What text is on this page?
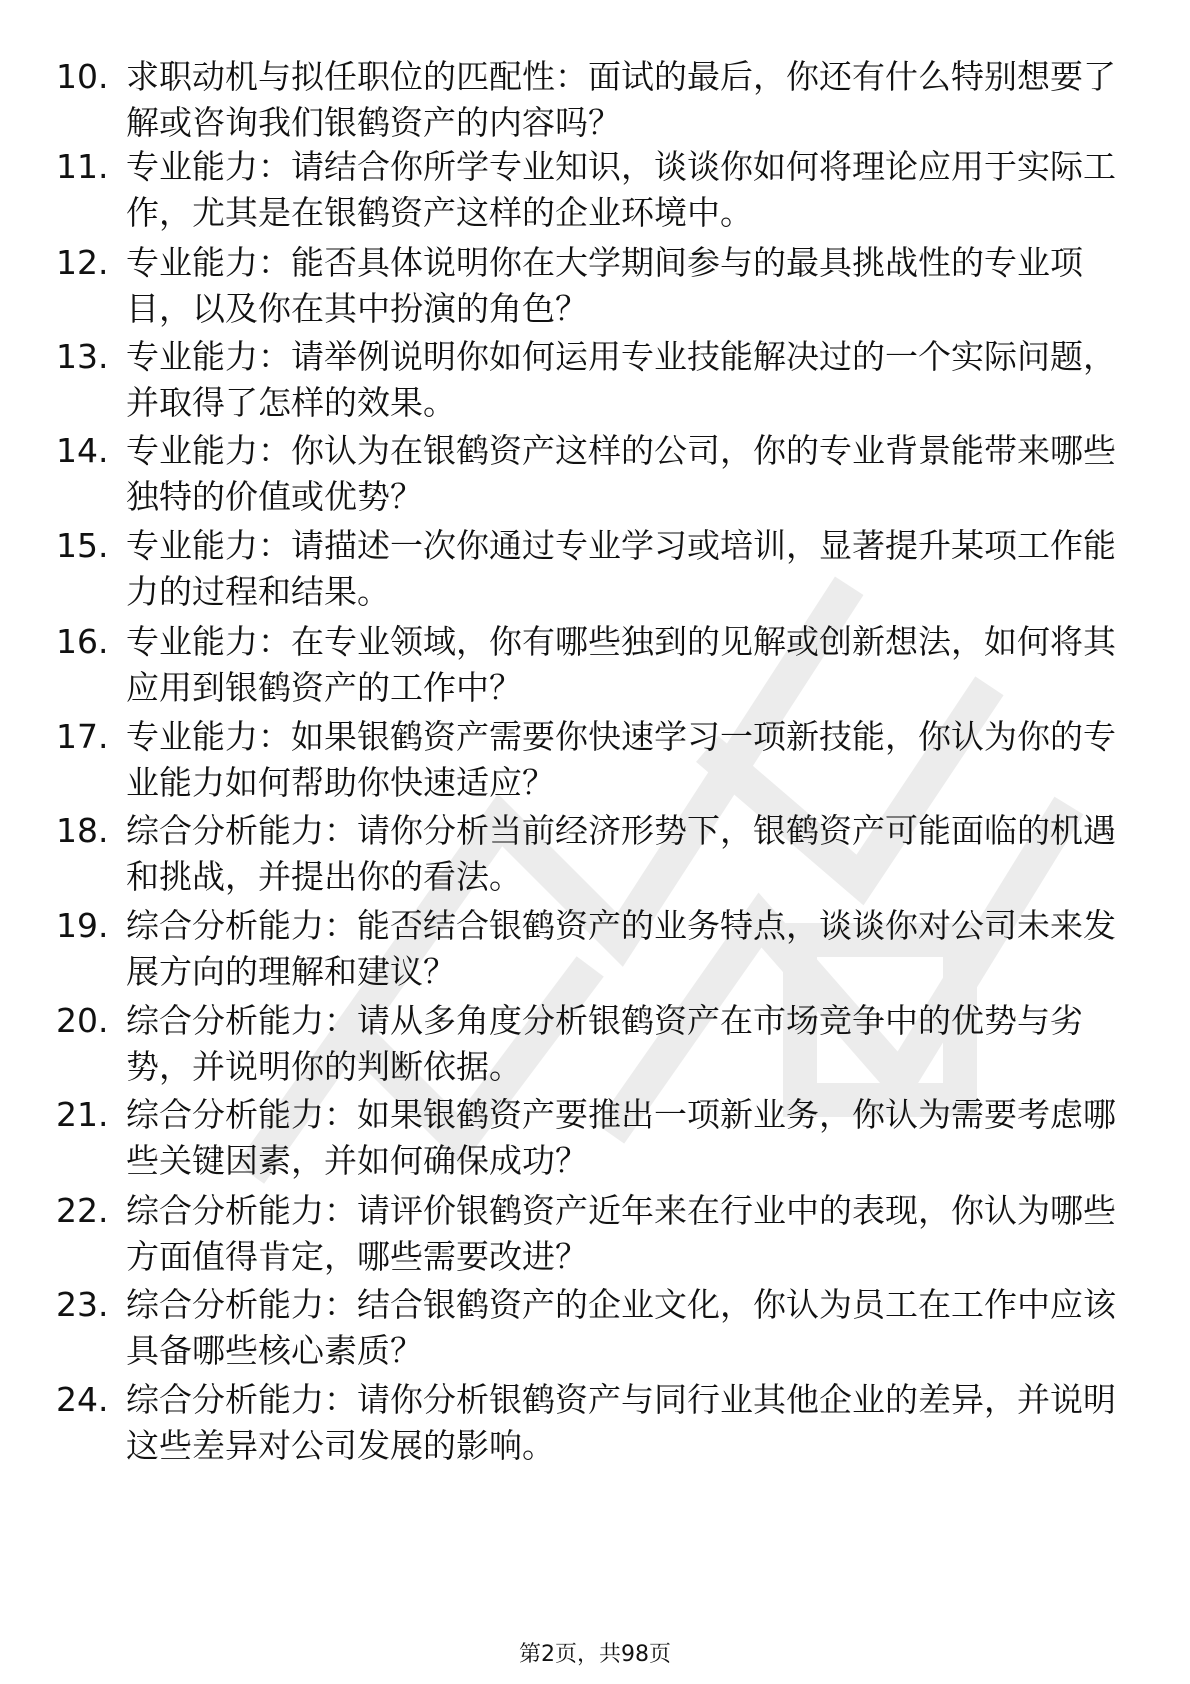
10. 求职动机与拟任职位的匹配性：面试的最后，你还有什么特别想要了解或咨询我们银鹤资产的内容吗？
11. 专业能力：请结合你所学专业知识，谈谈你如何将理论应用于实际工作，尤其是在银鹤资产这样的企业环境中。
12. 专业能力：能否具体说明你在大学期间参与的最具挑战性的专业项目，以及你在其中扮演的角色？
13. 专业能力：请举例说明你如何运用专业技能解决过的一个实际问题，并取得了怎样的效果。
14. 专业能力：你认为在银鹤资产这样的公司，你的专业背景能带来哪些独特的价值或优势？
15. 专业能力：请描述一次你通过专业学习或培训，显著提升某项工作能力的过程和结果。
16. 专业能力：在专业领域，你有哪些独到的见解或创新想法，如何将其应用到银鹤资产的工作中？
17. 专业能力：如果银鹤资产需要你快速学习一项新技能，你认为你的专业能力如何帮助你快速适应？
18. 综合分析能力：请你分析当前经济形势下，银鹤资产可能面临的机遇和挑战，并提出你的看法。
19. 综合分析能力：能否结合银鹤资产的业务特点，谈谈你对公司未来发展方向的理解和建议？
20. 综合分析能力：请从多角度分析银鹤资产在市场竞争中的优势与劣势，并说明你的判断依据。
21. 综合分析能力：如果银鹤资产要推出一项新业务，你认为需要考虑哪些关键因素，并如何确保成功？
22. 综合分析能力：请评价银鹤资产近年来在行业中的表现，你认为哪些方面值得肯定，哪些需要改进？
23. 综合分析能力：结合银鹤资产的企业文化，你认为员工在工作中应该具备哪些核心素质？
24. 综合分析能力：请你分析银鹤资产与同行业其他企业的差异，并说明这些差异对公司发展的影响。
第2页，共98页
